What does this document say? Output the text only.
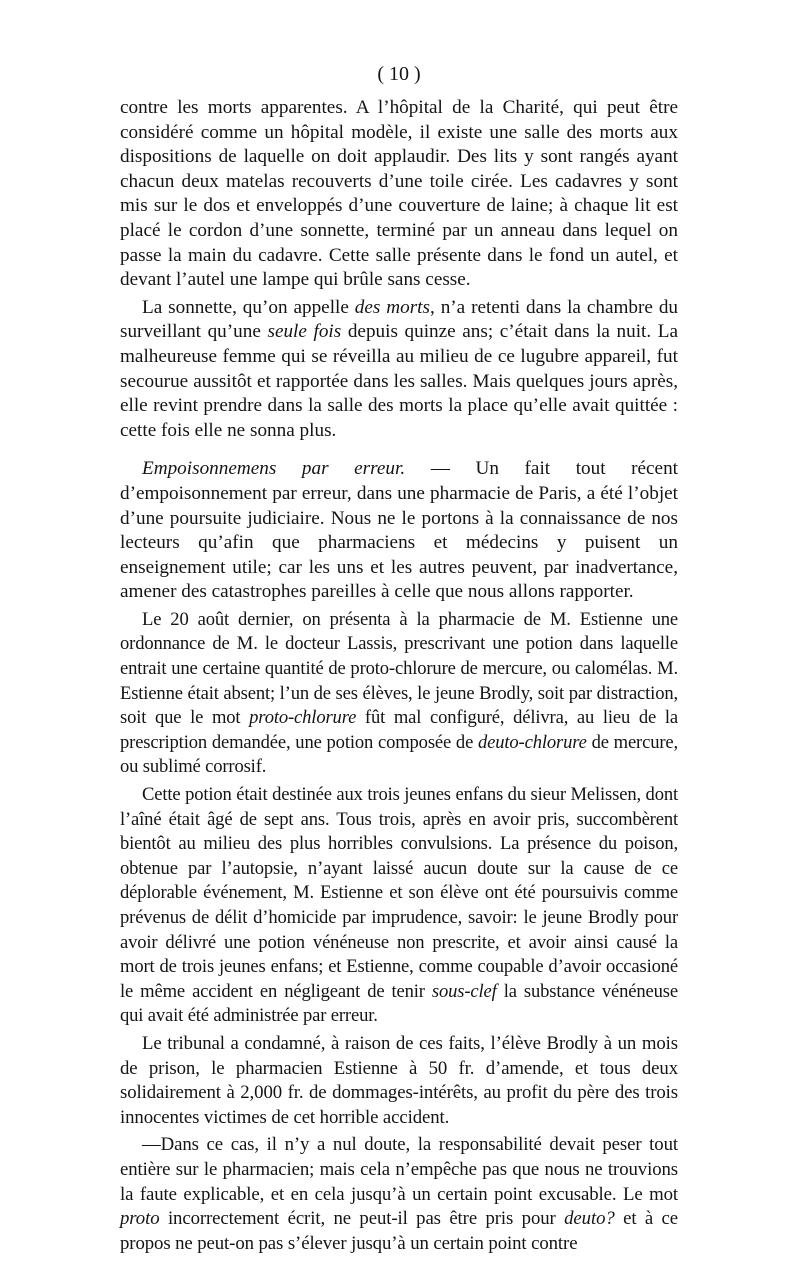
( 10 )

contre les morts apparentes. A l’hôpital de la Charité, qui peut être considéré comme un hôpital modèle, il existe une salle des morts aux dispositions de laquelle on doit applaudir. Des lits y sont rangés ayant chacun deux matelas recouverts d’une toile cirée. Les cadavres y sont mis sur le dos et enveloppés d’une couverture de laine; à chaque lit est placé le cordon d’une sonnette, terminé par un anneau dans lequel on passe la main du cadavre. Cette salle présente dans le fond un autel, et devant l’autel une lampe qui brûle sans cesse.

La sonnette, qu’on appelle des morts, n’a retenti dans la chambre du surveillant qu’une seule fois depuis quinze ans; c’était dans la nuit. La malheureuse femme qui se réveilla au milieu de ce lugubre appareil, fut secourue aussitôt et rapportée dans les salles. Mais quelques jours après, elle revint prendre dans la salle des morts la place qu’elle avait quittée : cette fois elle ne sonna plus.

Empoisonnemens par erreur. — Un fait tout récent d’empoisonnement par erreur, dans une pharmacie de Paris, a été l’objet d’une poursuite judiciaire. Nous ne le portons à la connaissance de nos lecteurs qu’afin que pharmaciens et médecins y puisent un enseignement utile; car les uns et les autres peuvent, par inadvertance, amener des catastrophes pareilles à celle que nous allons rapporter.

Le 20 août dernier, on présenta à la pharmacie de M. Estienne une ordonnance de M. le docteur Lassis, prescrivant une potion dans laquelle entrait une certaine quantité de proto-chlorure de mercure, ou calomélas. M. Estienne était absent; l’un de ses élèves, le jeune Brodly, soit par distraction, soit que le mot proto-chlorure fût mal configuré, délivra, au lieu de la prescription demandée, une potion composée de deuto-chlorure de mercure, ou sublimé corrosif.

Cette potion était destinée aux trois jeunes enfans du sieur Melissen, dont l’aîné était âgé de sept ans. Tous trois, après en avoir pris, succombèrent bientôt au milieu des plus horribles convulsions. La présence du poison, obtenue par l’autopsie, n’ayant laissé aucun doute sur la cause de ce déplorable événement, M. Estienne et son élève ont été poursuivis comme prévenus de délit d’homicide par imprudence, savoir: le jeune Brodly pour avoir délivré une potion vénéneuse non prescrite, et avoir ainsi causé la mort de trois jeunes enfans; et Estienne, comme coupable d’avoir occasioné le même accident en négligeant de tenir sous-clef la substance vénéneuse qui avait été administrée par erreur.

Le tribunal a condamné, à raison de ces faits, l’élève Brodly à un mois de prison, le pharmacien Estienne à 50 fr. d’amende, et tous deux solidairement à 2,000 fr. de dommages-intérêts, au profit du père des trois innocentes victimes de cet horrible accident.

—Dans ce cas, il n’y a nul doute, la responsabilité devait peser tout entière sur le pharmacien; mais cela n’empêche pas que nous ne trouvions la faute explicable, et en cela jusqu’à un certain point excusable. Le mot proto incorrectement écrit, ne peut-il pas être pris pour deuto? et à ce propos ne peut-on pas s’élever jusqu’à un certain point contre
